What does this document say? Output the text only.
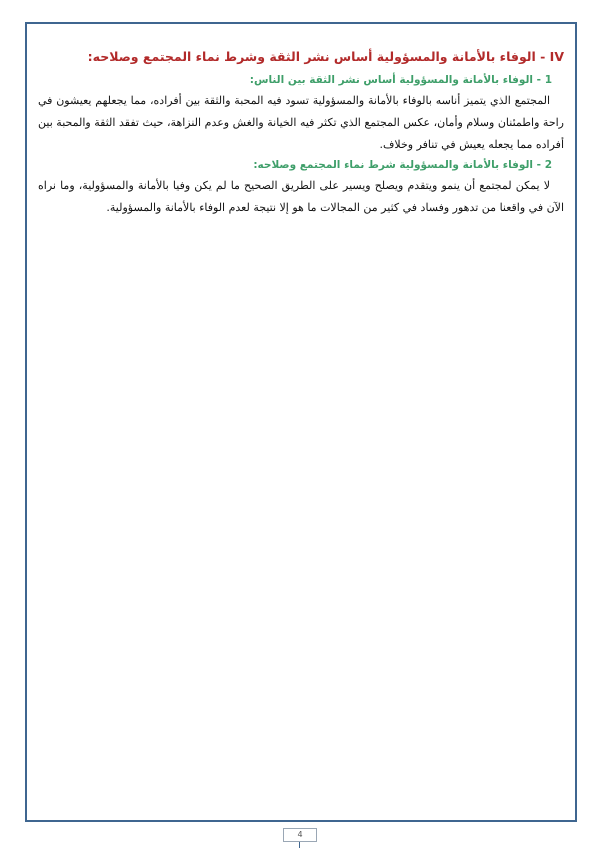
IV - الوفاء بالأمانة والمسؤولية أساس نشر الثقة وشرط نماء المجتمع وصلاحه:
1 - الوفاء بالأمانة والمسؤولية أساس نشر الثقة بين الناس:

المجتمع الذي يتميز أناسه بالوفاء بالأمانة والمسؤولية تسود فيه المحبة والثقة بين أفراده، مما يجعلهم يعيشون في راحة واطمئنان وسلام وأمان، عكس المجتمع الذي تكثر فيه الخيانة والغش وعدم النزاهة، حيث تفقد الثقة والمحبة بين أفراده مما يجعله يعيش في تنافر وخلاف.

2 - الوفاء بالأمانة والمسؤولية شرط نماء المجتمع وصلاحه:

لا يمكن لمجتمع أن ينمو ويتقدم ويصلح ويسير على الطريق الصحيح ما لم يكن وفيا بالأمانة والمسؤولية، وما نراه الآن في واقعنا من تدهور وفساد في كثير من المجالات ما هو إلا نتيجة لعدم الوفاء بالأمانة والمسؤولية.

4
